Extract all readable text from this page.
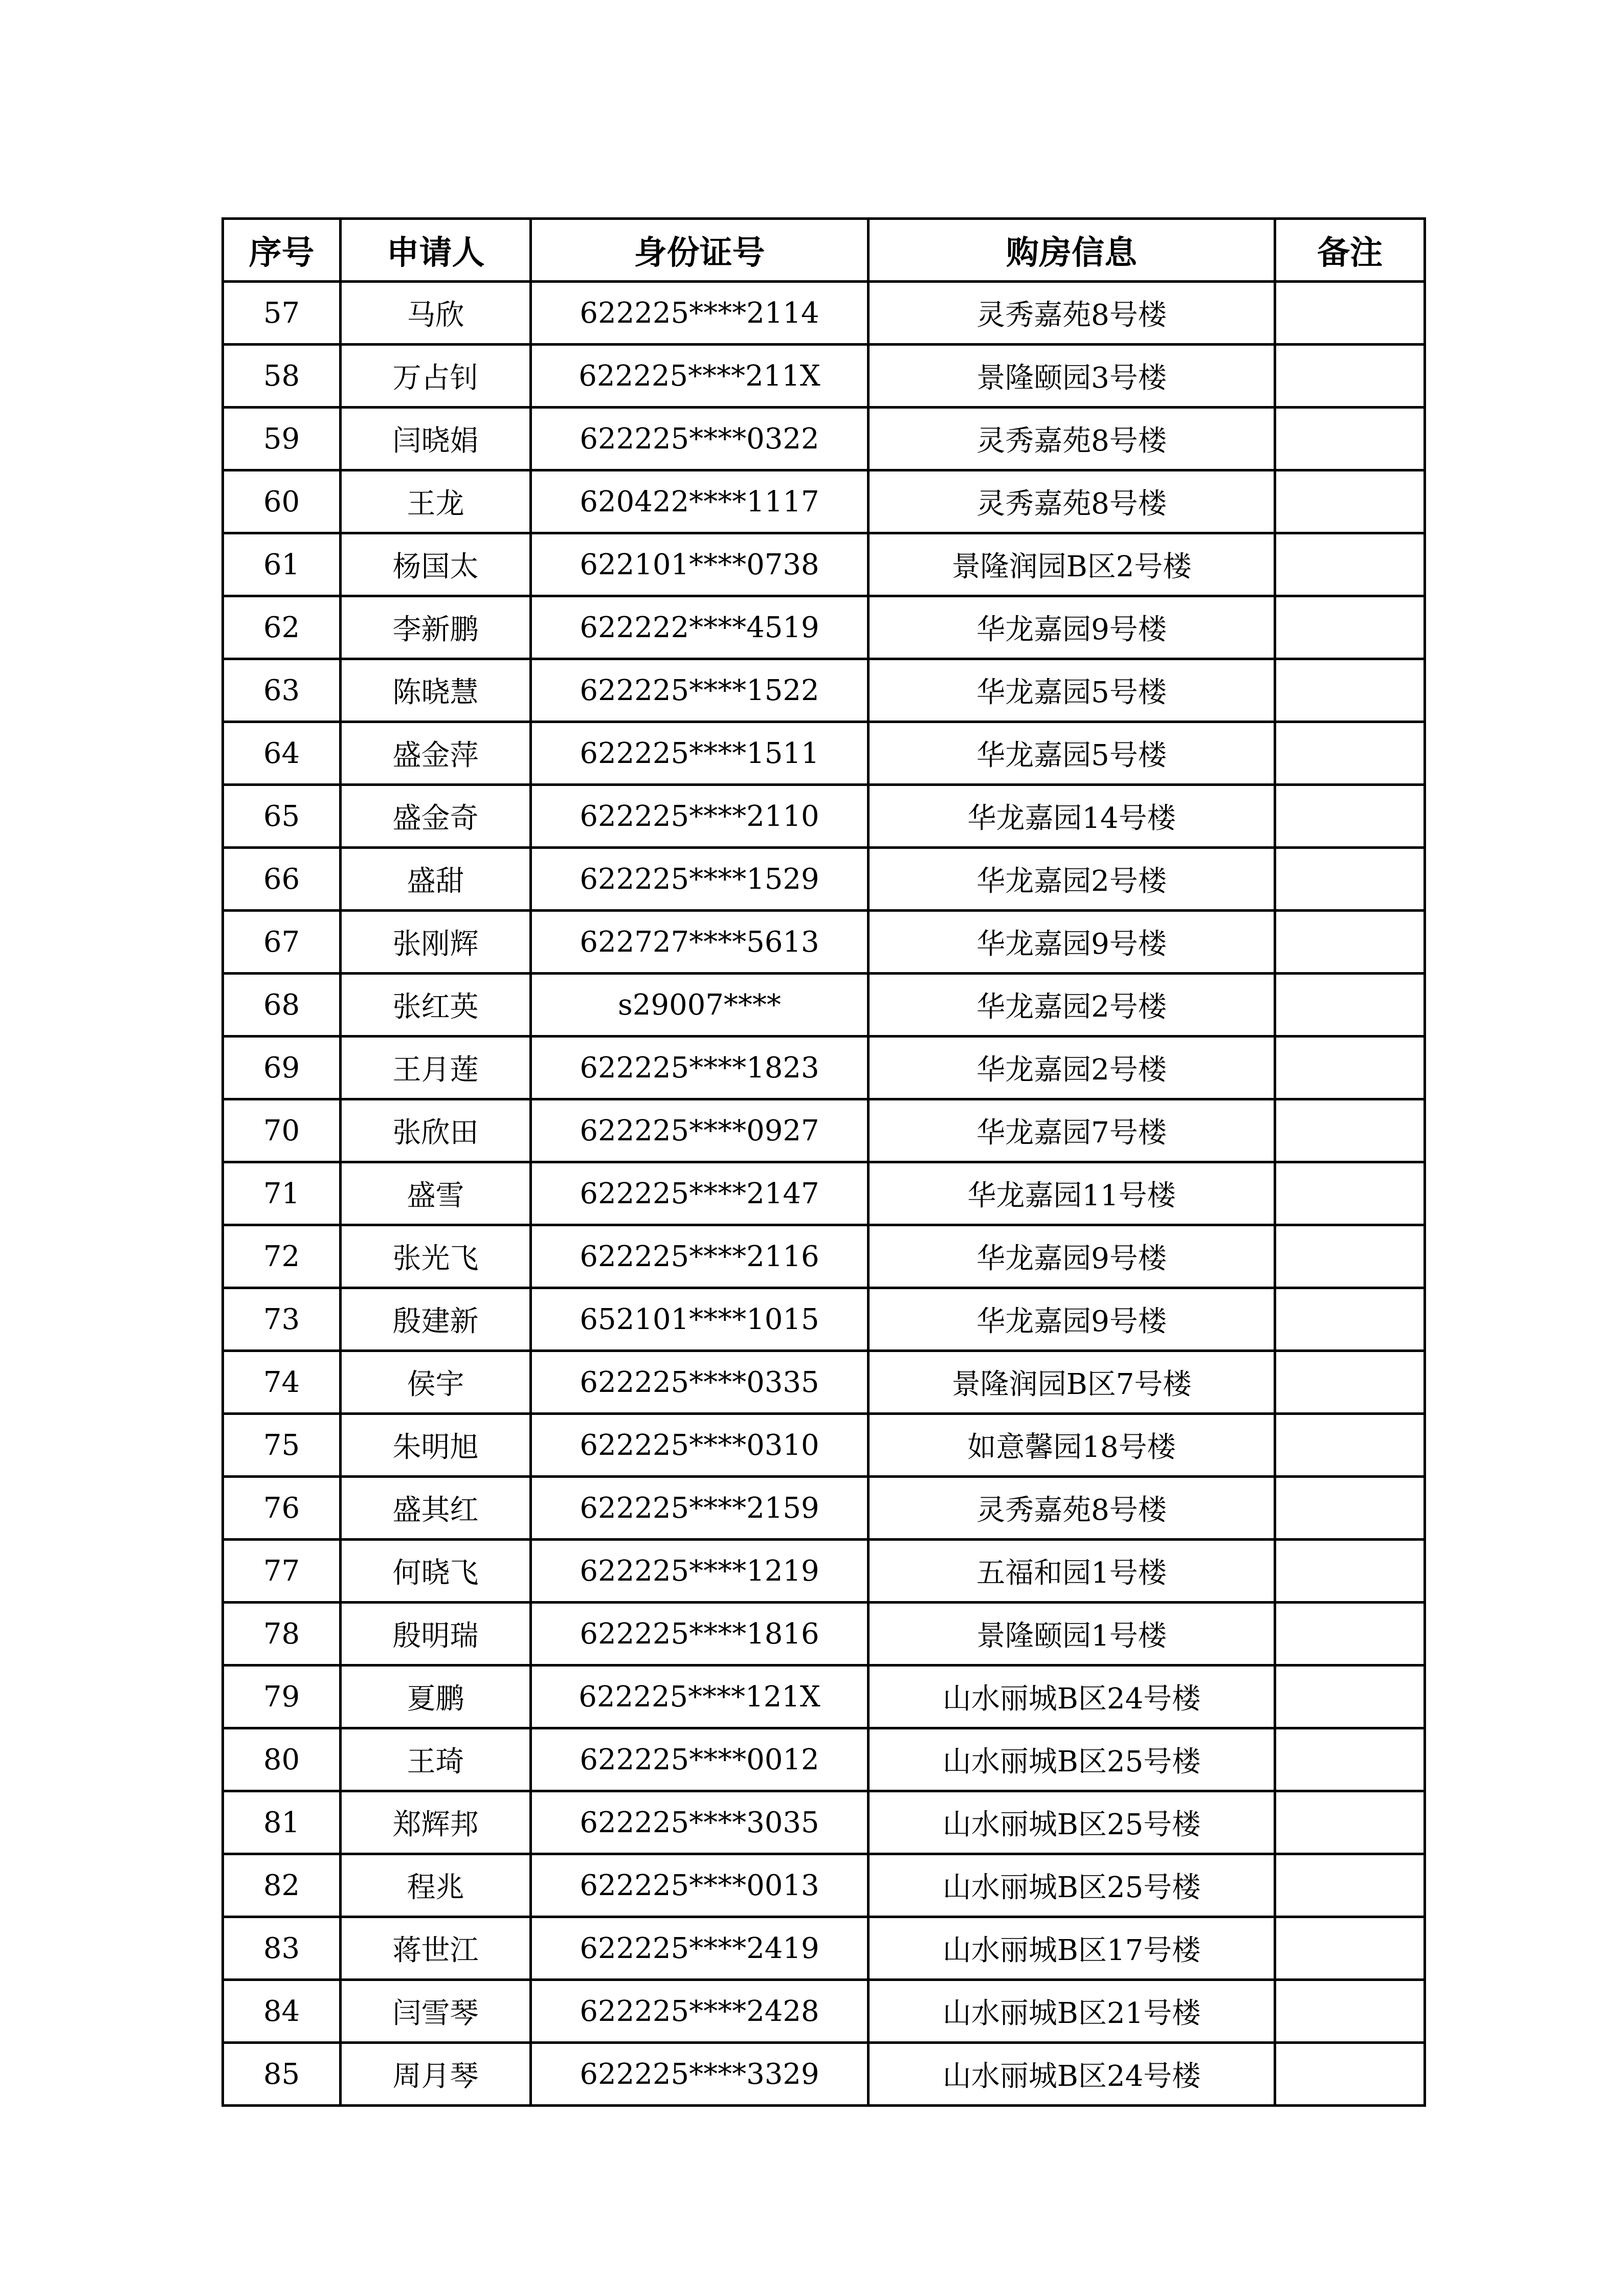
序号	申请人	身份证号	购房信息	备注
57	马欣	622225****2114	灵秀嘉苑8号楼	
58	万占钊	622225****211X	景隆颐园3号楼	
59	闫晓娟	622225****0322	灵秀嘉苑8号楼	
60	王龙	620422****1117	灵秀嘉苑8号楼	
61	杨国太	622101****0738	景隆润园B区2号楼	
62	李新鹏	622222****4519	华龙嘉园9号楼	
63	陈晓慧	622225****1522	华龙嘉园5号楼	
64	盛金萍	622225****1511	华龙嘉园5号楼	
65	盛金奇	622225****2110	华龙嘉园14号楼	
66	盛甜	622225****1529	华龙嘉园2号楼	
67	张刚辉	622727****5613	华龙嘉园9号楼	
68	张红英	s29007****	华龙嘉园2号楼	
69	王月莲	622225****1823	华龙嘉园2号楼	
70	张欣田	622225****0927	华龙嘉园7号楼	
71	盛雪	622225****2147	华龙嘉园11号楼	
72	张光飞	622225****2116	华龙嘉园9号楼	
73	殷建新	652101****1015	华龙嘉园9号楼	
74	侯宇	622225****0335	景隆润园B区7号楼	
75	朱明旭	622225****0310	如意馨园18号楼	
76	盛其红	622225****2159	灵秀嘉苑8号楼	
77	何晓飞	622225****1219	五福和园1号楼	
78	殷明瑞	622225****1816	景隆颐园1号楼	
79	夏鹏	622225****121X	山水丽城B区24号楼	
80	王琦	622225****0012	山水丽城B区25号楼	
81	郑辉邦	622225****3035	山水丽城B区25号楼	
82	程兆	622225****0013	山水丽城B区25号楼	
83	蒋世江	622225****2419	山水丽城B区17号楼	
84	闫雪琴	622225****2428	山水丽城B区21号楼	
85	周月琴	622225****3329	山水丽城B区24号楼	
